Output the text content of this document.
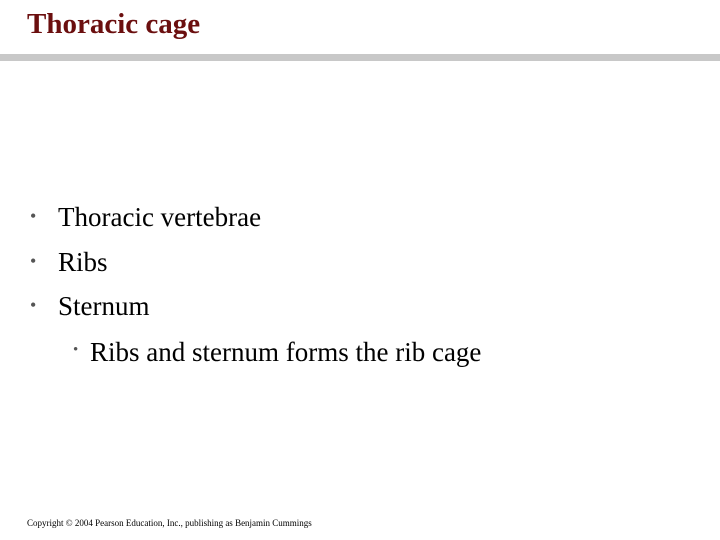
Thoracic cage
• Thoracic vertebrae
• Ribs
• Sternum
• Ribs and sternum forms the rib cage
Copyright © 2004 Pearson Education, Inc., publishing as Benjamin Cummings
